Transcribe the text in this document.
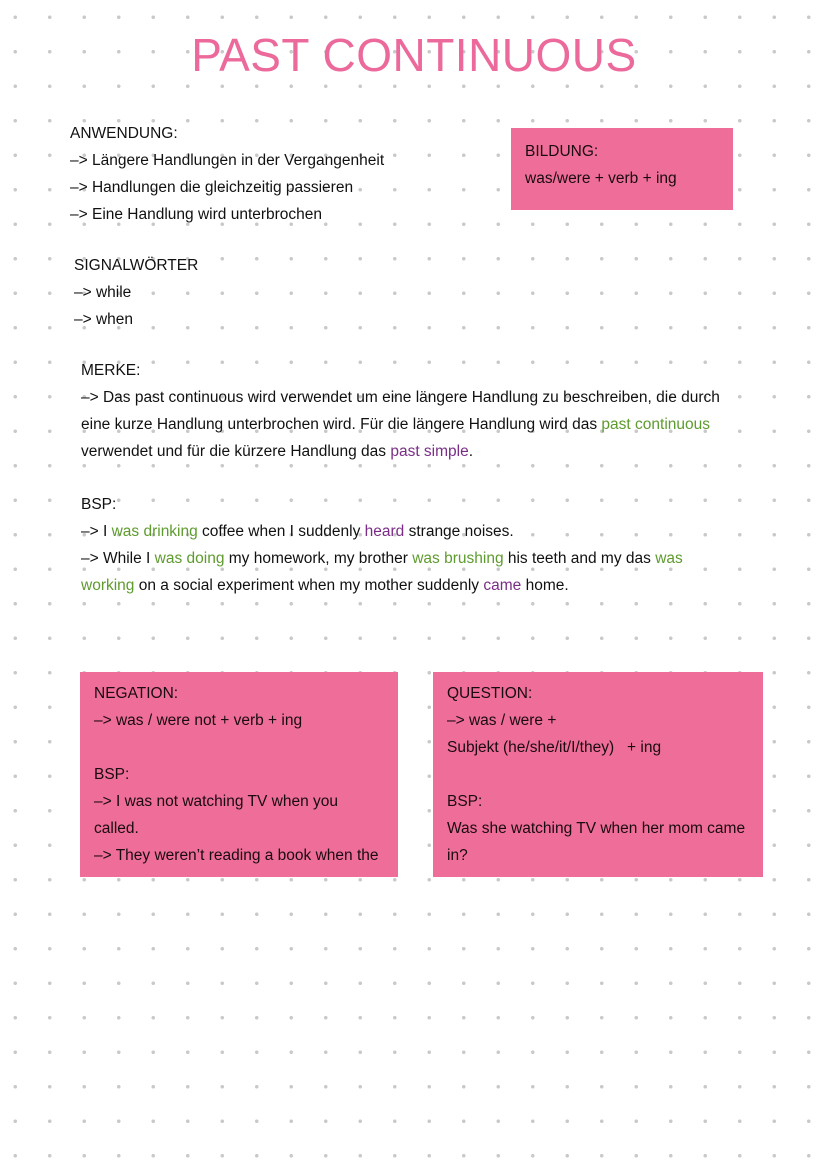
PAST CONTINUOUS
ANWENDUNG:
–> Längere Handlungen in der Vergangenheit
–> Handlungen die gleichzeitig passieren
–> Eine Handlung wird unterbrochen
BILDUNG:
was/were + verb + ing
SIGNALWÖRTER
–> while
–> when
MERKE:
–> Das past continuous wird verwendet um eine längere Handlung zu beschreiben, die durch eine kurze Handlung unterbrochen wird. Für die längere Handlung wird das past continuous verwendet und für die kürzere Handlung das past simple.
BSP:
–> I was drinking coffee when I suddenly heard strange noises.
–> While I was doing my homework, my brother was brushing his teeth and my das was working on a social experiment when my mother suddenly came home.
NEGATION:
–> was / were not + verb + ing
BSP:
–> I was not watching TV when you called.
–> They weren’t reading a book when the
QUESTION:
–> was / were +
Subjekt (he/she/it/I/they)   + ing
BSP:
Was she watching TV when her mom came in?
